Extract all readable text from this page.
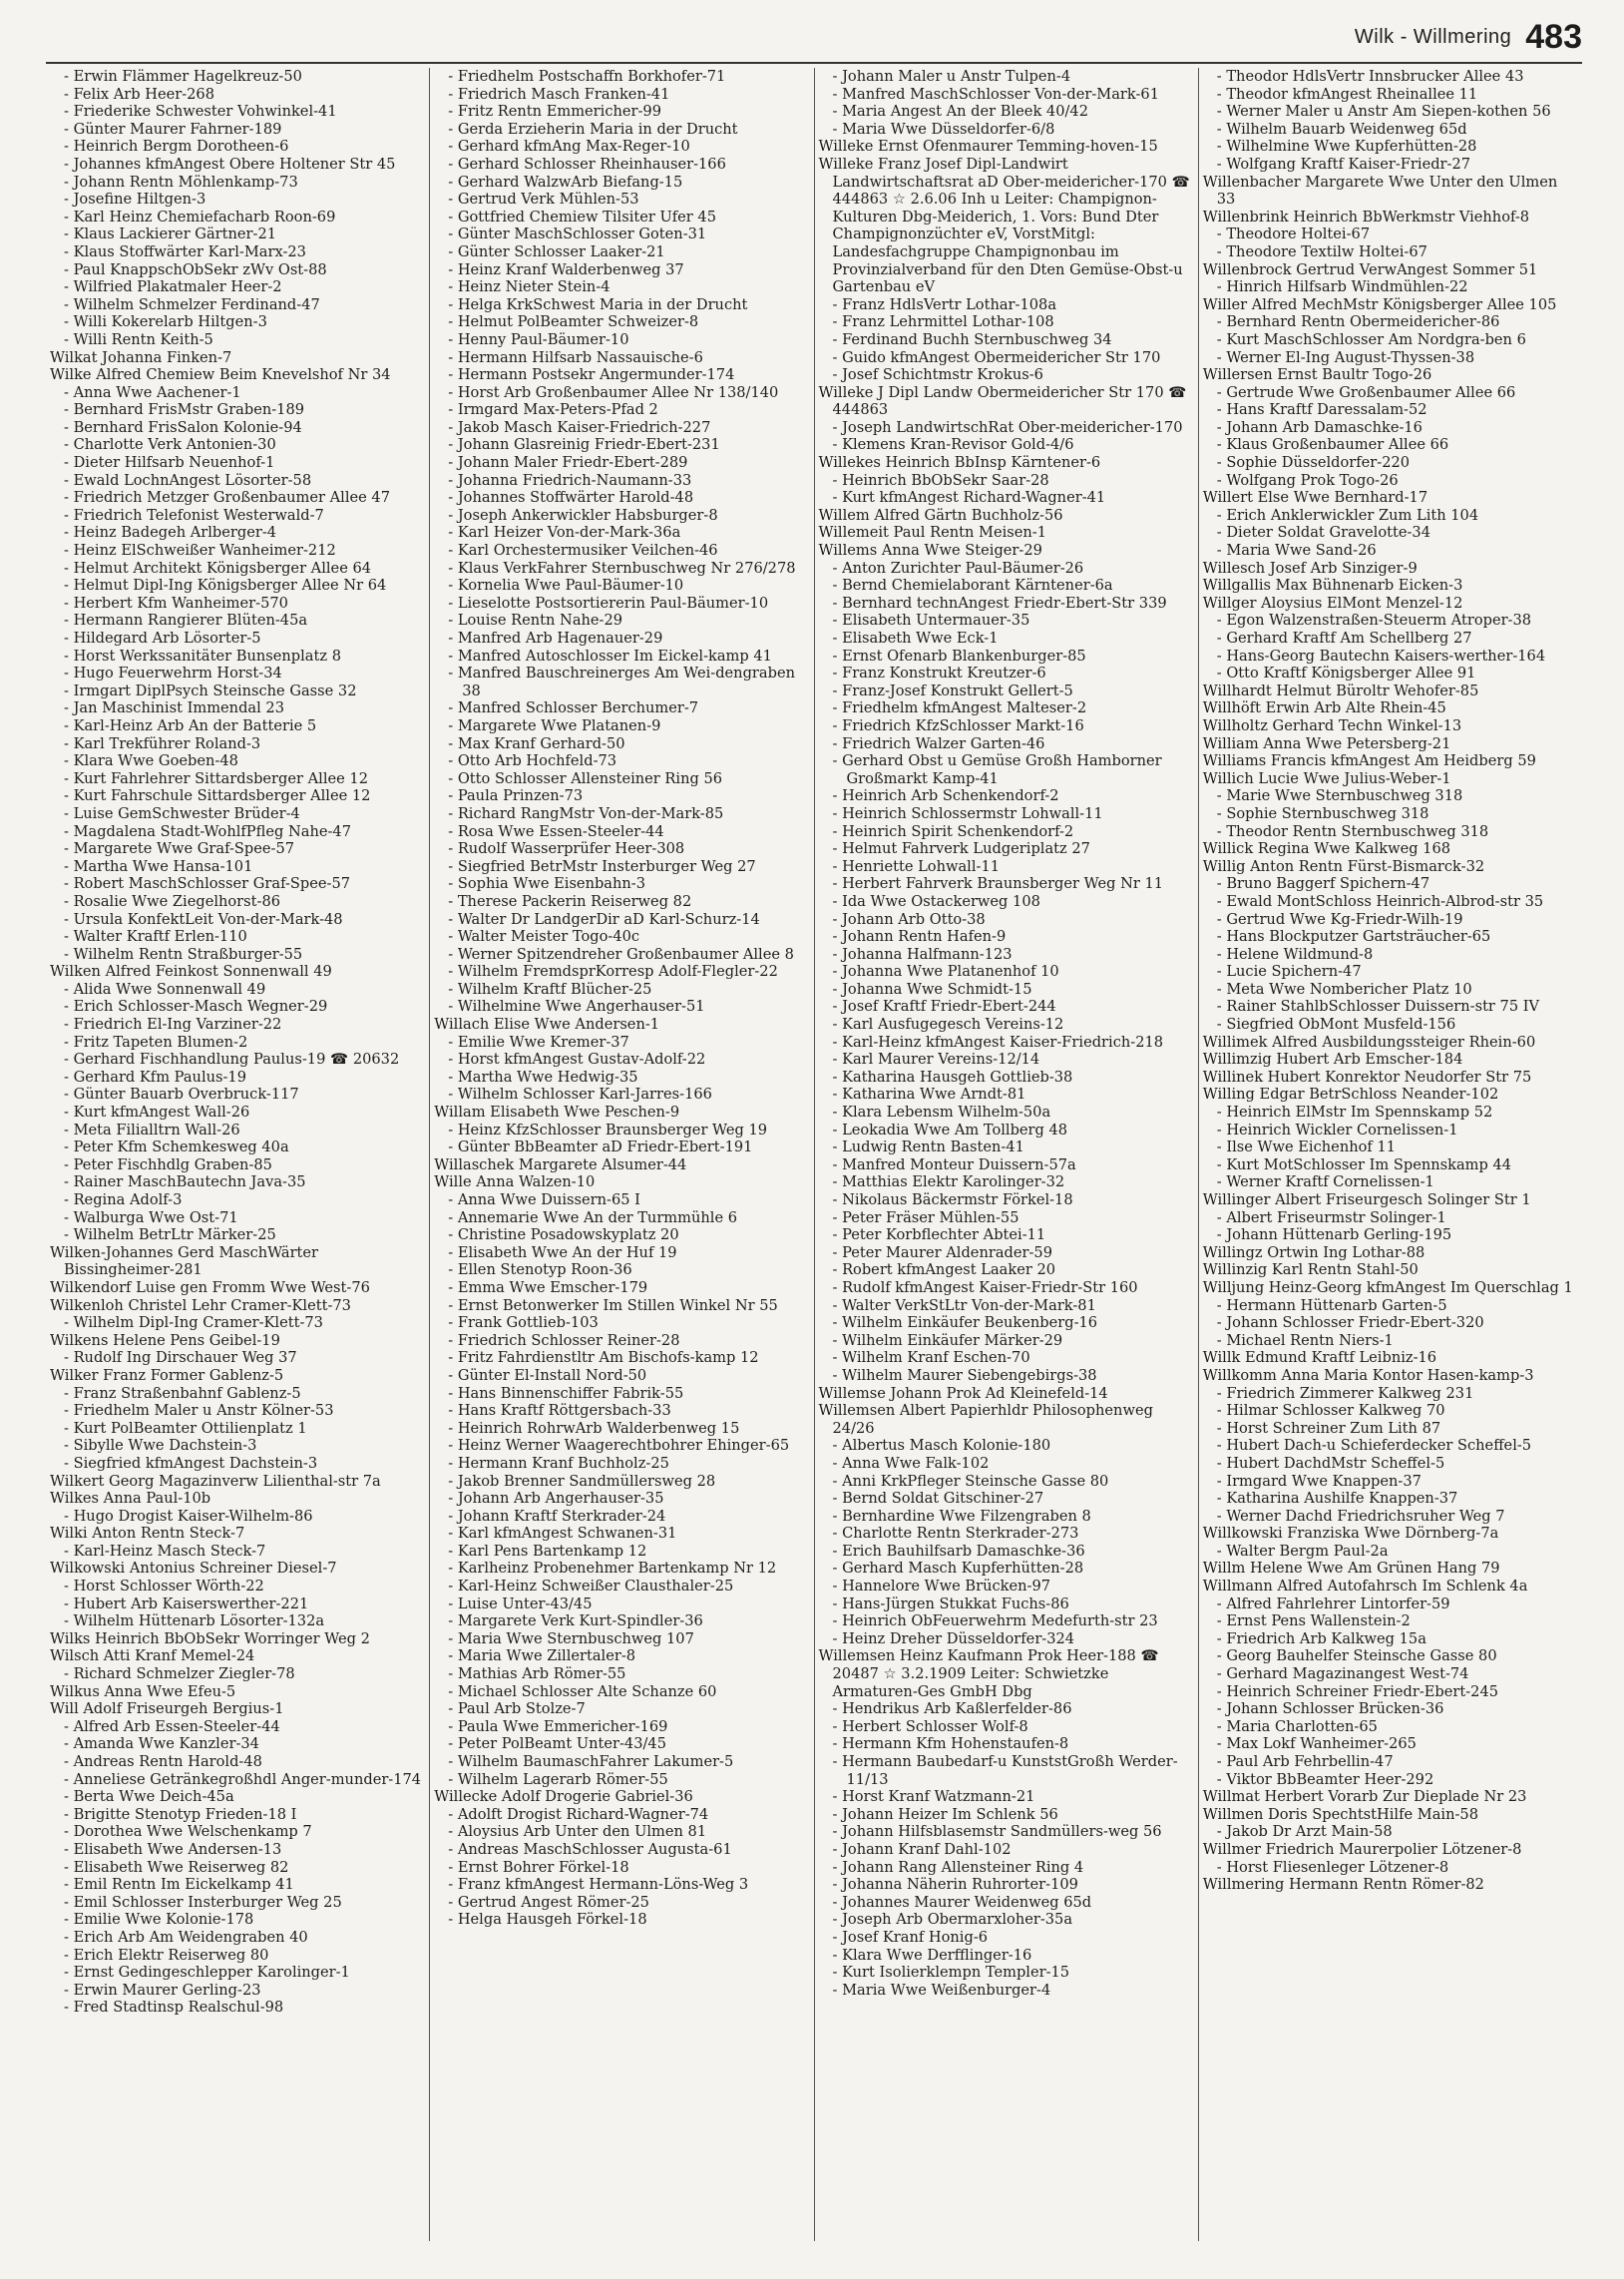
Wilk - Willmering 483
- Erwin Flämmer Hagelkreuz-50
- Felix Arb Heer-268
- Friederike Schwester Vohwinkel-41
- Günter Maurer Fahrner-189
- Heinrich Bergm Dorotheen-6
- Johannes kfmAngest Obere Holtener Str 45
- Johann Rentn Möhlenkamp-73
- Josefine Hiltgen-3
- Karl Heinz Chemiefacharb Roon-69
- Klaus Lackierer Gärtner-21
- Klaus Stoffwärter Karl-Marx-23
- Paul KnappschObSekr zWv Ost-88
- Wilfried Plakatmaler Heer-2
- Wilhelm Schmelzer Ferdinand-47
- Willi Kokerelarb Hiltgen-3
- Willi Rentn Keith-5
Wilkat Johanna Finken-7
Wilke Alfred Chemiew Beim Knevelshof Nr 34
- Anna Wwe Aachener-1
- Bernhard FrisMstr Graben-189
- Bernhard FrisSalon Kolonie-94
- Charlotte Verk Antonien-30
- Dieter Hilfsarb Neuenhof-1
- Ewald LochnAngest Lösorter-58
- Friedrich Metzger Großenbaumer Allee 47
- Friedrich Telefonist Westerwald-7
- Heinz Badegeh Arlberger-4
- Heinz ElSchweißer Wanheimer-212
- Helmut Architekt Königsberger Allee 64
- Helmut Dipl-Ing Königsberger Allee Nr 64
- Herbert Kfm Wanheimer-570
- Hermann Rangierer Blüten-45a
- Hildegard Arb Lösorter-5
- Horst Werkssanitäter Bunsenplatz 8
- Hugo Feuerwehrm Horst-34
- Irmgart DiplPsych Steinsche Gasse 32
- Jan Maschinist Immendal 23
- Karl-Heinz Arb An der Batterie 5
- Karl Trekführer Roland-3
- Klara Wwe Goeben-48
- Kurt Fahrlehrer Sittardsberger Allee 12
- Kurt Fahrschule Sittardsberger Allee 12
- Luise GemSchwester Brüder-4
- Magdalena Stadt-WohlfPfleg Nahe-47
- Margarete Wwe Graf-Spee-57
- Martha Wwe Hansa-101
- Robert MaschSchlosser Graf-Spee-57
- Rosalie Wwe Ziegelhorst-86
- Ursula KonfektLeit Von-der-Mark-48
- Walter Kraftf Erlen-110
- Wilhelm Rentn Straßburger-55
Wilken Alfred Feinkost Sonnenwall 49
- Alida Wwe Sonnenwall 49
- Erich Schlosser-Masch Wegner-29
- Friedrich El-Ing Varziner-22
- Fritz Tapeten Blumen-2
- Gerhard Fischhandlung Paulus-19 ☎ 20632
- Gerhard Kfm Paulus-19
- Günter Bauarb Overbruck-117
- Kurt kfmAngest Wall-26
- Meta Filialltrn Wall-26
- Peter Kfm Schemkesweg 40a
- Peter Fischhdlg Graben-85
- Rainer MaschBautechn Java-35
- Regina Adolf-3
- Walburga Wwe Ost-71
- Wilhelm BetrLtr Märker-25
Wilken-Johannes Gerd MaschWärter Bissingheimer-281
Wilkendorf Luise gen Fromm Wwe West-76
Wilkenloh Christel Lehr Cramer-Klett-73
- Wilhelm Dipl-Ing Cramer-Klett-73
Wilkens Helene Pens Geibel-19
- Rudolf Ing Dirschauer Weg 37
Wilker Franz Former Gablenz-5
- Franz Straßenbahnf Gablenz-5
- Friedhelm Maler u Anstr Kölner-53
- Kurt PolBeamter Ottilienplatz 1
- Sibylle Wwe Dachstein-3
- Siegfried kfmAngest Dachstein-3
Wilkert Georg Magazinverw Lilienthal-str 7a
Wilkes Anna Paul-10b
- Hugo Drogist Kaiser-Wilhelm-86
Wilki Anton Rentn Steck-7
- Karl-Heinz Masch Steck-7
Wilkowski Antonius Schreiner Diesel-7
- Horst Schlosser Wörth-22
- Hubert Arb Kaiserswerther-221
- Wilhelm Hüttenarb Lösorter-132a
Wilks Heinrich BbObSekr Worringer Weg 2
Wilsch Atti Kranf Memel-24
- Richard Schmelzer Ziegler-78
Wilkus Anna Wwe Efeu-5
Will Adolf Friseurgeh Bergius-1
- Alfred Arb Essen-Steeler-44
- Amanda Wwe Kanzler-34
- Andreas Rentn Harold-48
- Anneliese Getränkegroßhdl Anger-munder-174
- Berta Wwe Deich-45a
- Brigitte Stenotyp Frieden-18 I
- Dorothea Wwe Welschenkamp 7
- Elisabeth Wwe Andersen-13
- Elisabeth Wwe Reiserweg 82
- Emil Rentn Im Eickelkamp 41
- Emil Schlosser Insterburger Weg 25
- Emilie Wwe Kolonie-178
- Erich Arb Am Weidengraben 40
- Erich Elektr Reiserweg 80
- Ernst Gedingeschlepper Karolinger-1
- Erwin Maurer Gerling-23
- Fred Stadtinsp Realschul-98
- Friedhelm Postschaffn Borkhofer-71
- Friedrich Masch Franken-41
- Fritz Rentn Emmericher-99
- Gerda Erzieherin Maria in der Drucht
- Gerhard kfmAng Max-Reger-10
- Gerhard Schlosser Rheinhauser-166
- Gerhard WalzwArb Biefang-15
- Gertrud Verk Mühlen-53
- Gottfried Chemiew Tilsiter Ufer 45
- Günter MaschSchlosser Goten-31
- Günter Schlosser Laaker-21
- Heinz Kranf Walderbenweg 37
- Heinz Nieter Stein-4
- Helga KrkSchwest Maria in der Drucht
- Helmut PolBeamter Schweizer-8
- Henny Paul-Bäumer-10
- Hermann Hilfsarb Nassauische-6
- Hermann Postsekr Angermunder-174
- Horst Arb Großenbaumer Allee Nr 138/140
- Irmgard Max-Peters-Pfad 2
- Jakob Masch Kaiser-Friedrich-227
- Johann Glasreinig Friedr-Ebert-231
- Johann Maler Friedr-Ebert-289
- Johanna Friedrich-Naumann-33
- Johannes Stoffwärter Harold-48
- Joseph Ankerwickler Habsburger-8
- Karl Heizer Von-der-Mark-36a
- Karl Orchestermusiker Veilchen-46
- Klaus VerkFahrer Sternbuschweg Nr 276/278
- Kornelia Wwe Paul-Bäumer-10
- Lieselotte Postsortiererin Paul-Bäumer-10
- Louise Rentn Nahe-29
- Manfred Arb Hagenauer-29
- Manfred Autoschlosser Im Eickel-kamp 41
- Manfred Bauschreinerges Am Wei-dengraben 38
- Manfred Schlosser Berchumer-7
- Margarete Wwe Platanen-9
- Max Kranf Gerhard-50
- Otto Arb Hochfeld-73
- Otto Schlosser Allensteiner Ring 56
- Paula Prinzen-73
- Richard RangMstr Von-der-Mark-85
- Rosa Wwe Essen-Steeler-44
- Rudolf Wasserprüfer Heer-308
- Siegfried BetrMstr Insterburger Weg 27
- Sophia Wwe Eisenbahn-3
- Therese Packerin Reiserweg 82
- Walter Dr LandgerDir aD Karl-Schurz-14
- Walter Meister Togo-40c
- Werner Spitzendreher Großenbaumer Allee 8
- Wilhelm FremdsprKorresp Adolf-Flegler-22
- Wilhelm Kraftf Blücher-25
- Wilhelmine Wwe Angerhauser-51
Willach Elise Wwe Andersen-1
- Emilie Wwe Kremer-37
- Horst kfmAngest Gustav-Adolf-22
- Martha Wwe Hedwig-35
- Wilhelm Schlosser Karl-Jarres-166
Willam Elisabeth Wwe Peschen-9
- Heinz KfzSchlosser Braunsberger Weg 19
- Günter BbBeamter aD Friedr-Ebert-191
Willaschek Margarete Alsumer-44
Wille Anna Walzen-10
- Anna Wwe Duissern-65 I
- Annemarie Wwe An der Turmmühle 6
- Christine Posadowskyplatz 20
- Elisabeth Wwe An der Huf 19
- Ellen Stenotyp Roon-36
- Emma Wwe Emscher-179
- Ernst Betonwerker Im Stillen Winkel Nr 55
- Frank Gottlieb-103
- Friedrich Schlosser Reiner-28
- Fritz Fahrdienstltr Am Bischofs-kamp 12
- Günter El-Install Nord-50
- Hans Binnenschiffer Fabrik-55
- Hans Kraftf Röttgersbach-33
- Heinrich RohrwArb Walderbenweg 15
- Heinz Werner Waagerechtbohrer Ehinger-65
- Hermann Kranf Buchholz-25
- Jakob Brenner Sandmüllersweg 28
- Johann Arb Angerhauser-35
- Johann Kraftf Sterkrader-24
- Karl kfmAngest Schwanen-31
- Karl Pens Bartenkamp 12
- Karlheinz Probenehmer Bartenkamp Nr 12
- Karl-Heinz Schweißer Clausthaler-25
- Luise Unter-43/45
- Margarete Verk Kurt-Spindler-36
- Maria Wwe Sternbuschweg 107
- Maria Wwe Zillertaler-8
- Mathias Arb Römer-55
- Michael Schlosser Alte Schanze 60
- Paul Arb Stolze-7
- Paula Wwe Emmericher-169
- Peter PolBeamt Unter-43/45
- Wilhelm BaumaschFahrer Lakumer-5
- Wilhelm Lagerarb Römer-55
Willecke Adolf Drogerie Gabriel-36
- Adolft Drogist Richard-Wagner-74
- Aloysius Arb Unter den Ulmen 81
- Andreas MaschSchlosser Augusta-61
- Ernst Bohrer Förkel-18
- Franz kfmAngest Hermann-Löns-Weg 3
- Gertrud Angest Römer-25
- Helga Hausgeh Förkel-18
- Johann Maler u Anstr Tulpen-4
- Manfred MaschSchlosser Von-der-Mark-61
- Maria Angest An der Bleek 40/42
- Maria Wwe Düsseldorfer-6/8
Willeke Ernst Ofenmaurer Temming-hoven-15
Willeke Franz Josef Dipl-Landwirt Landwirtschaftsrat aD Ober-meidericher-170 ☎ 444863 ☆ 2.6.06 Inh u Leiter: Champignon-Kulturen Dbg-Meiderich, 1. Vors: Bund Dter Champignonzüchter eV, VorstMitgl: Landesfachgruppe Champignonbau im Provinzialverband für den Dten Gemüse-Obst-u Gartenbau eV
- Franz HdlsVertr Lothar-108a
- Franz Lehrmittel Lothar-108
- Ferdinand Buchh Sternbuschweg 34
- Guido kfmAngest Obermeidericher Str 170
- Josef Schichtmstr Krokus-6
Willeke J Dipl Landw Obermeidericher Str 170 ☎ 444863
- Joseph LandwirtschRat Ober-meidericher-170
- Klemens Kran-Revisor Gold-4/6
Willekes Heinrich BbInsp Kärntener-6
- Heinrich BbObSekr Saar-28
- Kurt kfmAngest Richard-Wagner-41
Willem Alfred Gärtn Buchholz-56
Willemeit Paul Rentn Meisen-1
Willems Anna Wwe Steiger-29
- Anton Zurichter Paul-Bäumer-26
- Bernd Chemielaborant Kärntener-6a
- Bernhard technAngest Friedr-Ebert-Str 339
- Elisabeth Untermauer-35
- Elisabeth Wwe Eck-1
- Ernst Ofenarb Blankenburger-85
- Franz Konstrukt Kreutzer-6
- Franz-Josef Konstrukt Gellert-5
- Friedhelm kfmAngest Malteser-2
- Friedrich KfzSchlosser Markt-16
- Friedrich Walzer Garten-46
- Gerhard Obst u Gemüse Großh Hamborner Großmarkt Kamp-41
- Heinrich Arb Schenkendorf-2
- Heinrich Schlossermstr Lohwall-11
- Heinrich Spirit Schenkendorf-2
- Helmut Fahrverk Ludgeriplatz 27
- Henriette Lohwall-11
- Herbert Fahrverk Braunsberger Weg Nr 11
- Ida Wwe Ostackerweg 108
- Johann Arb Otto-38
- Johann Rentn Hafen-9
- Johanna Halfmann-123
- Johanna Wwe Platanenhof 10
- Johanna Wwe Schmidt-15
- Josef Kraftf Friedr-Ebert-244
- Karl Ausfugegesch Vereins-12
- Karl-Heinz kfmAngest Kaiser-Friedrich-218
- Karl Maurer Vereins-12/14
- Katharina Hausgeh Gottlieb-38
- Katharina Wwe Arndt-81
- Klara Lebensm Wilhelm-50a
- Leokadia Wwe Am Tollberg 48
- Ludwig Rentn Basten-41
- Manfred Monteur Duissern-57a
- Matthias Elektr Karolinger-32
- Nikolaus Bäckermstr Förkel-18
- Peter Fräser Mühlen-55
- Peter Korbflechter Abtei-11
- Peter Maurer Aldenrader-59
- Robert kfmAngest Laaker 20
- Rudolf kfmAngest Kaiser-Friedr-Str 160
- Walter VerkStLtr Von-der-Mark-81
- Wilhelm Einkäufer Beukenberg-16
- Wilhelm Einkäufer Märker-29
- Wilhelm Kranf Eschen-70
- Wilhelm Maurer Siebengebirgs-38
Willemse Johann Prok Ad Kleinefeld-14
Willemsen Albert Papierhldr Philosophenweg 24/26
- Albertus Masch Kolonie-180
- Anna Wwe Falk-102
- Anni KrkPfleger Steinsche Gasse 80
- Bernd Soldat Gitschiner-27
- Bernhardine Wwe Filzengraben 8
- Charlotte Rentn Sterkrader-273
- Erich Bauhilfsarb Damaschke-36
- Gerhard Masch Kupferhütten-28
- Hannelore Wwe Brücken-97
- Hans-Jürgen Stukkat Fuchs-86
- Heinrich ObFeuerwehrm Medefurth-str 23
- Heinz Dreher Düsseldorfer-324
Willemsen Heinz Kaufmann Prok Heer-188 ☎ 20487 ☆ 3.2.1909 Leiter: Schwietzke Armaturen-Ges GmbH Dbg
- Hendrikus Arb Kaßlerfelder-86
- Herbert Schlosser Wolf-8
- Hermann Kfm Hohenstaufen-8
- Hermann Baubedarf-u KunststGroßh Werder-11/13
- Horst Kranf Watzmann-21
- Johann Heizer Im Schlenk 56
- Johann Hilfsblasemstr Sandmüllers-weg 56
- Johann Kranf Dahl-102
- Johann Rang Allensteiner Ring 4
- Johanna Näherin Ruhrorter-109
- Johannes Maurer Weidenweg 65d
- Joseph Arb Obermarxloher-35a
- Josef Kranf Honig-6
- Klara Wwe Derfflinger-16
- Kurt Isolierklempn Templer-15
- Maria Wwe Weißenburger-4
- Theodor HdlsVertr Innsbrucker Allee 43
- Theodor kfmAngest Rheinallee 11
- Werner Maler u Anstr Am Siepen-kothen 56
- Wilhelm Bauarb Weidenweg 65d
- Wilhelmine Wwe Kupferhütten-28
- Wolfgang Kraftf Kaiser-Friedr-27
Willenbacher Margarete Wwe Unter den Ulmen 33
Willenbrink Heinrich BbWerkmstr Viehhof-8
- Theodore Holtei-67
- Theodore Textilw Holtei-67
Willenbrock Gertrud VerwAngest Sommer 51
- Hinrich Hilfsarb Windmühlen-22
Willer Alfred MechMstr Königsberger Allee 105
- Bernhard Rentn Obermeidericher-86
- Kurt MaschSchlosser Am Nordgra-ben 6
- Werner El-Ing August-Thyssen-38
Willersen Ernst Baultr Togo-26
- Gertrude Wwe Großenbaumer Allee 66
- Hans Kraftf Daressalam-52
- Johann Arb Damaschke-16
- Klaus Großenbaumer Allee 66
- Sophie Düsseldorfer-220
- Wolfgang Prok Togo-26
Willert Else Wwe Bernhard-17
- Erich Anklerwickler Zum Lith 104
- Dieter Soldat Gravelotte-34
- Maria Wwe Sand-26
Willesch Josef Arb Sinziger-9
Willgallis Max Bühnenarb Eicken-3
Willger Aloysius ElMont Menzel-12
- Egon Walzenstraßen-Steuerm Atroper-38
- Gerhard Kraftf Am Schellberg 27
- Hans-Georg Bautechn Kaisers-werther-164
- Otto Kraftf Königsberger Allee 91
Willhardt Helmut Büroltr Wehofer-85
Willhöft Erwin Arb Alte Rhein-45
Willholtz Gerhard Techn Winkel-13
William Anna Wwe Petersberg-21
Williams Francis kfmAngest Am Heidberg 59
Willich Lucie Wwe Julius-Weber-1
- Marie Wwe Sternbuschweg 318
- Sophie Sternbuschweg 318
- Theodor Rentn Sternbuschweg 318
Willick Regina Wwe Kalkweg 168
Willig Anton Rentn Fürst-Bismarck-32
- Bruno Baggerf Spichern-47
- Ewald MontSchloss Heinrich-Albrod-str 35
- Gertrud Wwe Kg-Friedr-Wilh-19
- Hans Blockputzer Gartsträucher-65
- Helene Wildmund-8
- Lucie Spichern-47
- Meta Wwe Nombericher Platz 10
- Rainer StahlbSchlosser Duissern-str 75 IV
- Siegfried ObMont Musfeld-156
Willimek Alfred Ausbildungssteiger Rhein-60
Willimzig Hubert Arb Emscher-184
Willinek Hubert Konrektor Neudorfer Str 75
Willing Edgar BetrSchloss Neander-102
- Heinrich ElMstr Im Spennskamp 52
- Heinrich Wickler Cornelissen-1
- Ilse Wwe Eichenhof 11
- Kurt MotSchlosser Im Spennskamp 44
- Werner Kraftf Cornelissen-1
Willinger Albert Friseurgesch Solinger Str 1
- Albert Friseurmstr Solinger-1
- Johann Hüttenarb Gerling-195
Willingz Ortwin Ing Lothar-88
Willinzig Karl Rentn Stahl-50
Willjung Heinz-Georg kfmAngest Im Querschlag 1
- Hermann Hüttenarb Garten-5
- Johann Schlosser Friedr-Ebert-320
- Michael Rentn Niers-1
Willk Edmund Kraftf Leibniz-16
Willkomm Anna Maria Kontor Hasen-kamp-3
- Friedrich Zimmerer Kalkweg 231
- Hilmar Schlosser Kalkweg 70
- Horst Schreiner Zum Lith 87
- Hubert Dach-u Schieferdecker Scheffel-5
- Hubert DachdMstr Scheffel-5
- Irmgard Wwe Knappen-37
- Katharina Aushilfe Knappen-37
- Werner Dachd Friedrichsruher Weg 7
Willkowski Franziska Wwe Dörnberg-7a
- Walter Bergm Paul-2a
Willm Helene Wwe Am Grünen Hang 79
Willmann Alfred Autofahrsch Im Schlenk 4a
- Alfred Fahrlehrer Lintorfer-59
- Ernst Pens Wallenstein-2
- Friedrich Arb Kalkweg 15a
- Georg Bauhelfer Steinsche Gasse 80
- Gerhard Magazinangest West-74
- Heinrich Schreiner Friedr-Ebert-245
- Johann Schlosser Brücken-36
- Maria Charlotten-65
- Max Lokf Wanheimer-265
- Paul Arb Fehrbellin-47
- Viktor BbBeamter Heer-292
Willmat Herbert Vorarb Zur Dieplade Nr 23
Willmen Doris SpechtstHilfe Main-58
- Jakob Dr Arzt Main-58
Willmer Friedrich Maurerpolier Lötzener-8
- Horst Fliesenleger Lötzener-8
Willmering Hermann Rentn Römer-82
